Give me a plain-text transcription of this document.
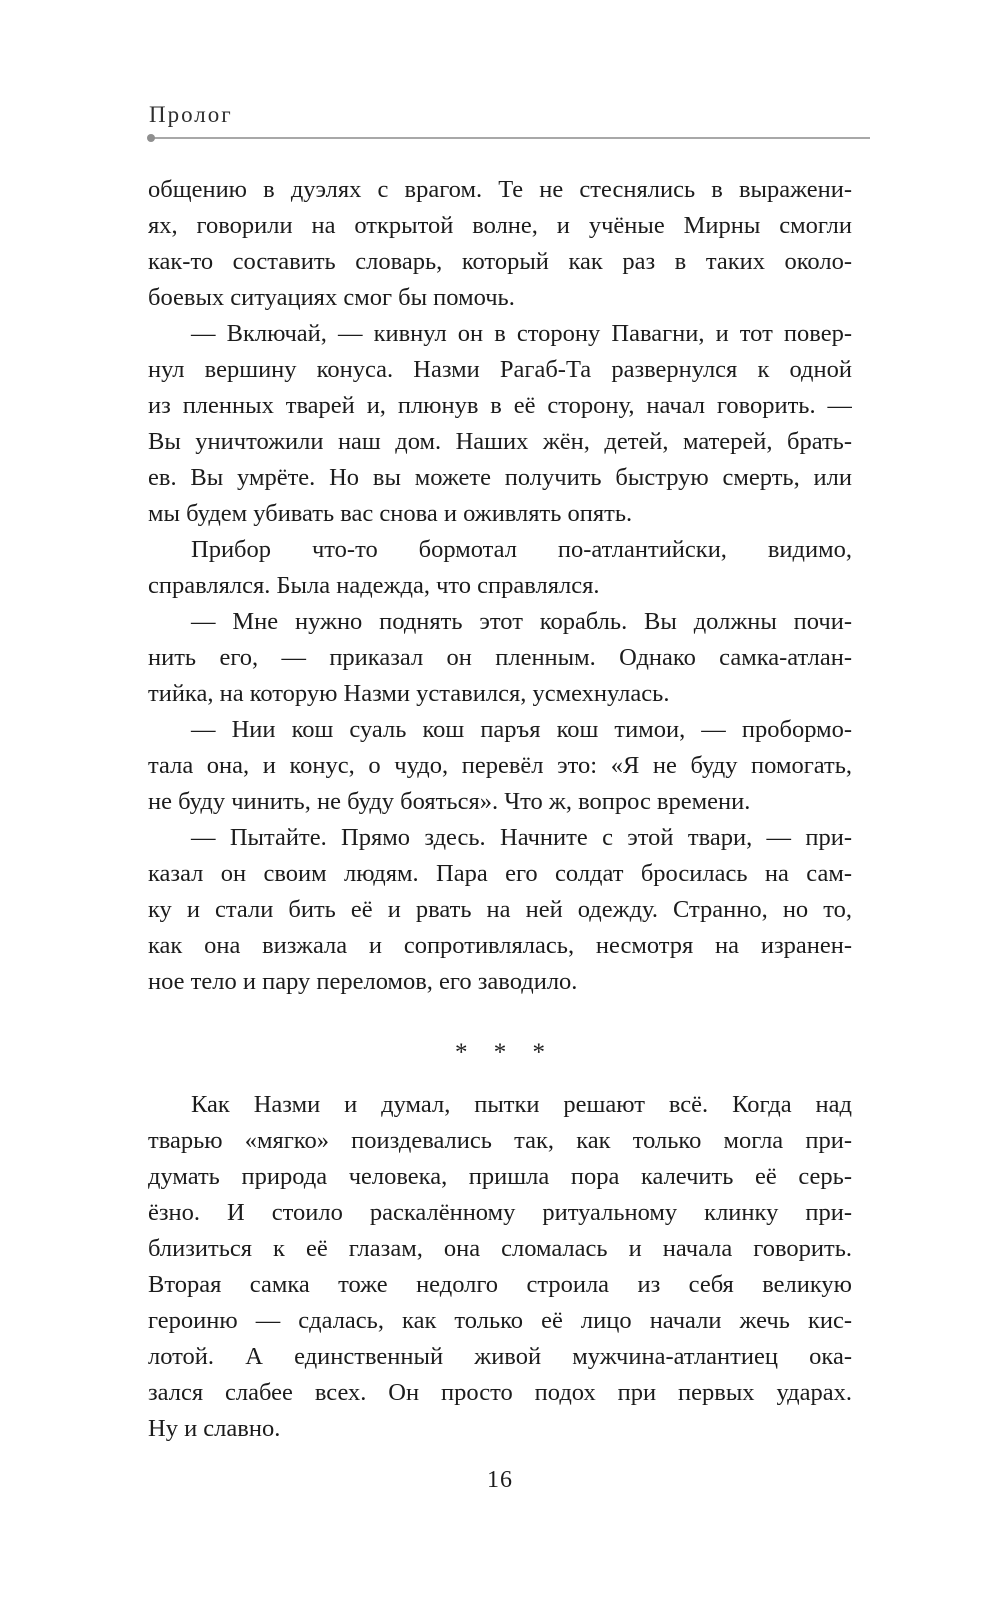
Пролог
общению в дуэлях с врагом. Те не стеснялись в выражени-
ях, говорили на открытой волне, и учёные Мирны смогли
как-то составить словарь, который как раз в таких около-
боевых ситуациях смог бы помочь.
— Включай, — кивнул он в сторону Павагни, и тот повер-
нул вершину конуса. Назми Рагаб-Та развернулся к одной
из пленных тварей и, плюнув в её сторону, начал говорить. —
Вы уничтожили наш дом. Наших жён, детей, матерей, брать-
ев. Вы умрёте. Но вы можете получить быструю смерть, или
мы будем убивать вас снова и оживлять опять.
Прибор что-то бормотал по-атлантийски, видимо,
справлялся. Была надежда, что справлялся.
— Мне нужно поднять этот корабль. Вы должны почи-
нить его, — приказал он пленным. Однако самка-атлан-
тийка, на которую Назми уставился, усмехнулась.
— Нии кош суаль кош паръя кош тимои, — пробормо-
тала она, и конус, о чудо, перевёл это: «Я не буду помогать,
не буду чинить, не буду бояться». Что ж, вопрос времени.
— Пытайте. Прямо здесь. Начните с этой твари, — при-
казал он своим людям. Пара его солдат бросилась на сам-
ку и стали бить её и рвать на ней одежду. Странно, но то,
как она визжала и сопротивлялась, несмотря на изранен-
ное тело и пару переломов, его заводило.
* * *
Как Назми и думал, пытки решают всё. Когда над
тварью «мягко» поиздевались так, как только могла при-
думать природа человека, пришла пора калечить её серь-
ёзно. И стоило раскалённому ритуальному клинку при-
близиться к её глазам, она сломалась и начала говорить.
Вторая самка тоже недолго строила из себя великую
героиню — сдалась, как только её лицо начали жечь кис-
лотой. А единственный живой мужчина-атлантиец ока-
зался слабее всех. Он просто подох при первых ударах.
Ну и славно.
16
